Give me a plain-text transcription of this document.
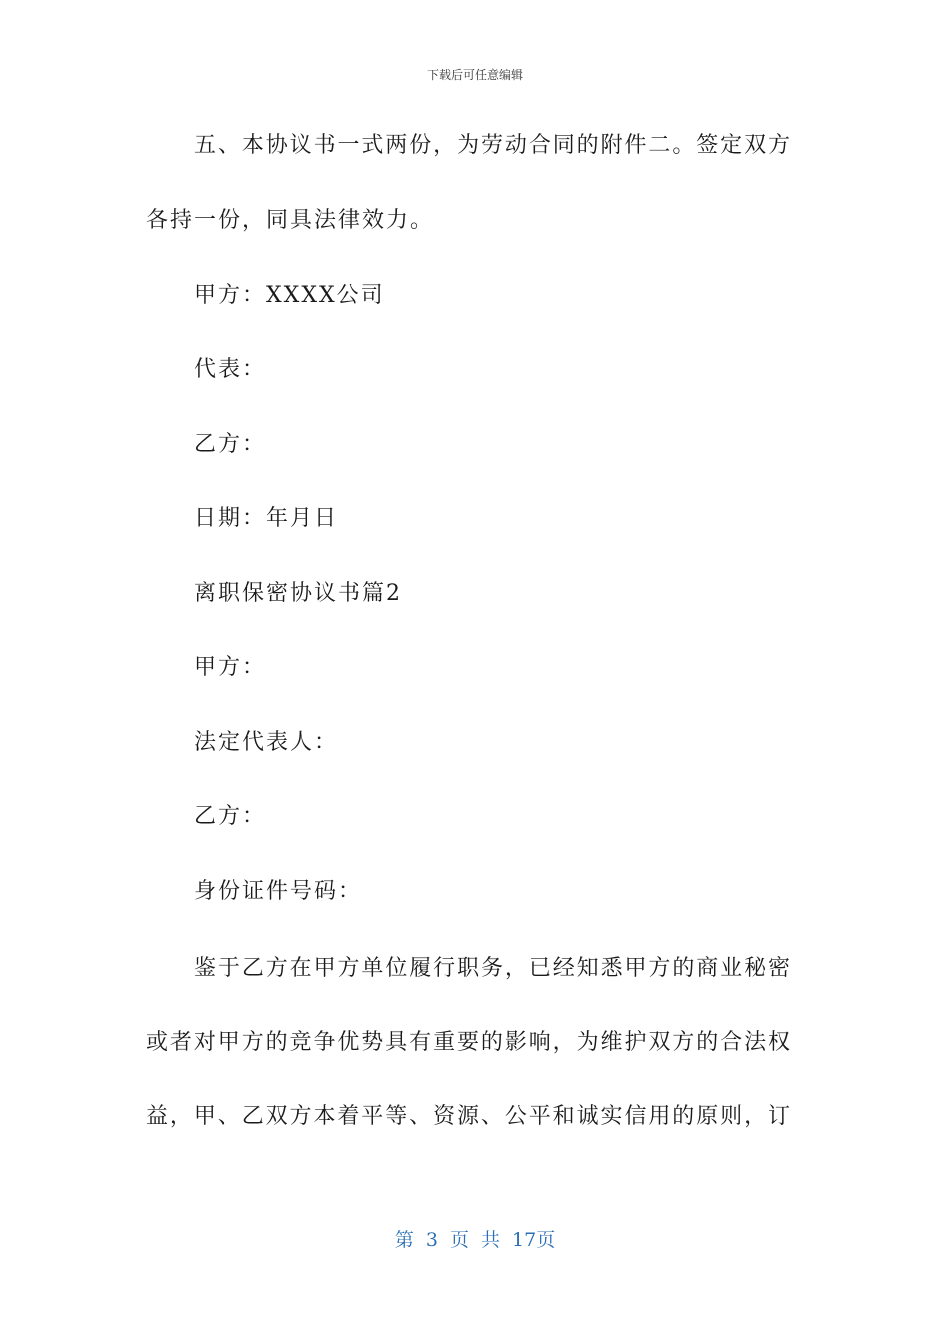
下载后可任意编辑
五、本协议书一式两份，为劳动合同的附件二。签定双方
各持一份，同具法律效力。
甲方：XXXX公司
代表：
乙方：
日期：年月日
离职保密协议书篇2
甲方：
法定代表人：
乙方：
身份证件号码：
鉴于乙方在甲方单位履行职务，已经知悉甲方的商业秘密
或者对甲方的竞争优势具有重要的影响，为维护双方的合法权
益，甲、乙双方本着平等、资源、公平和诚实信用的原则，订
第 3 页 共 17页
